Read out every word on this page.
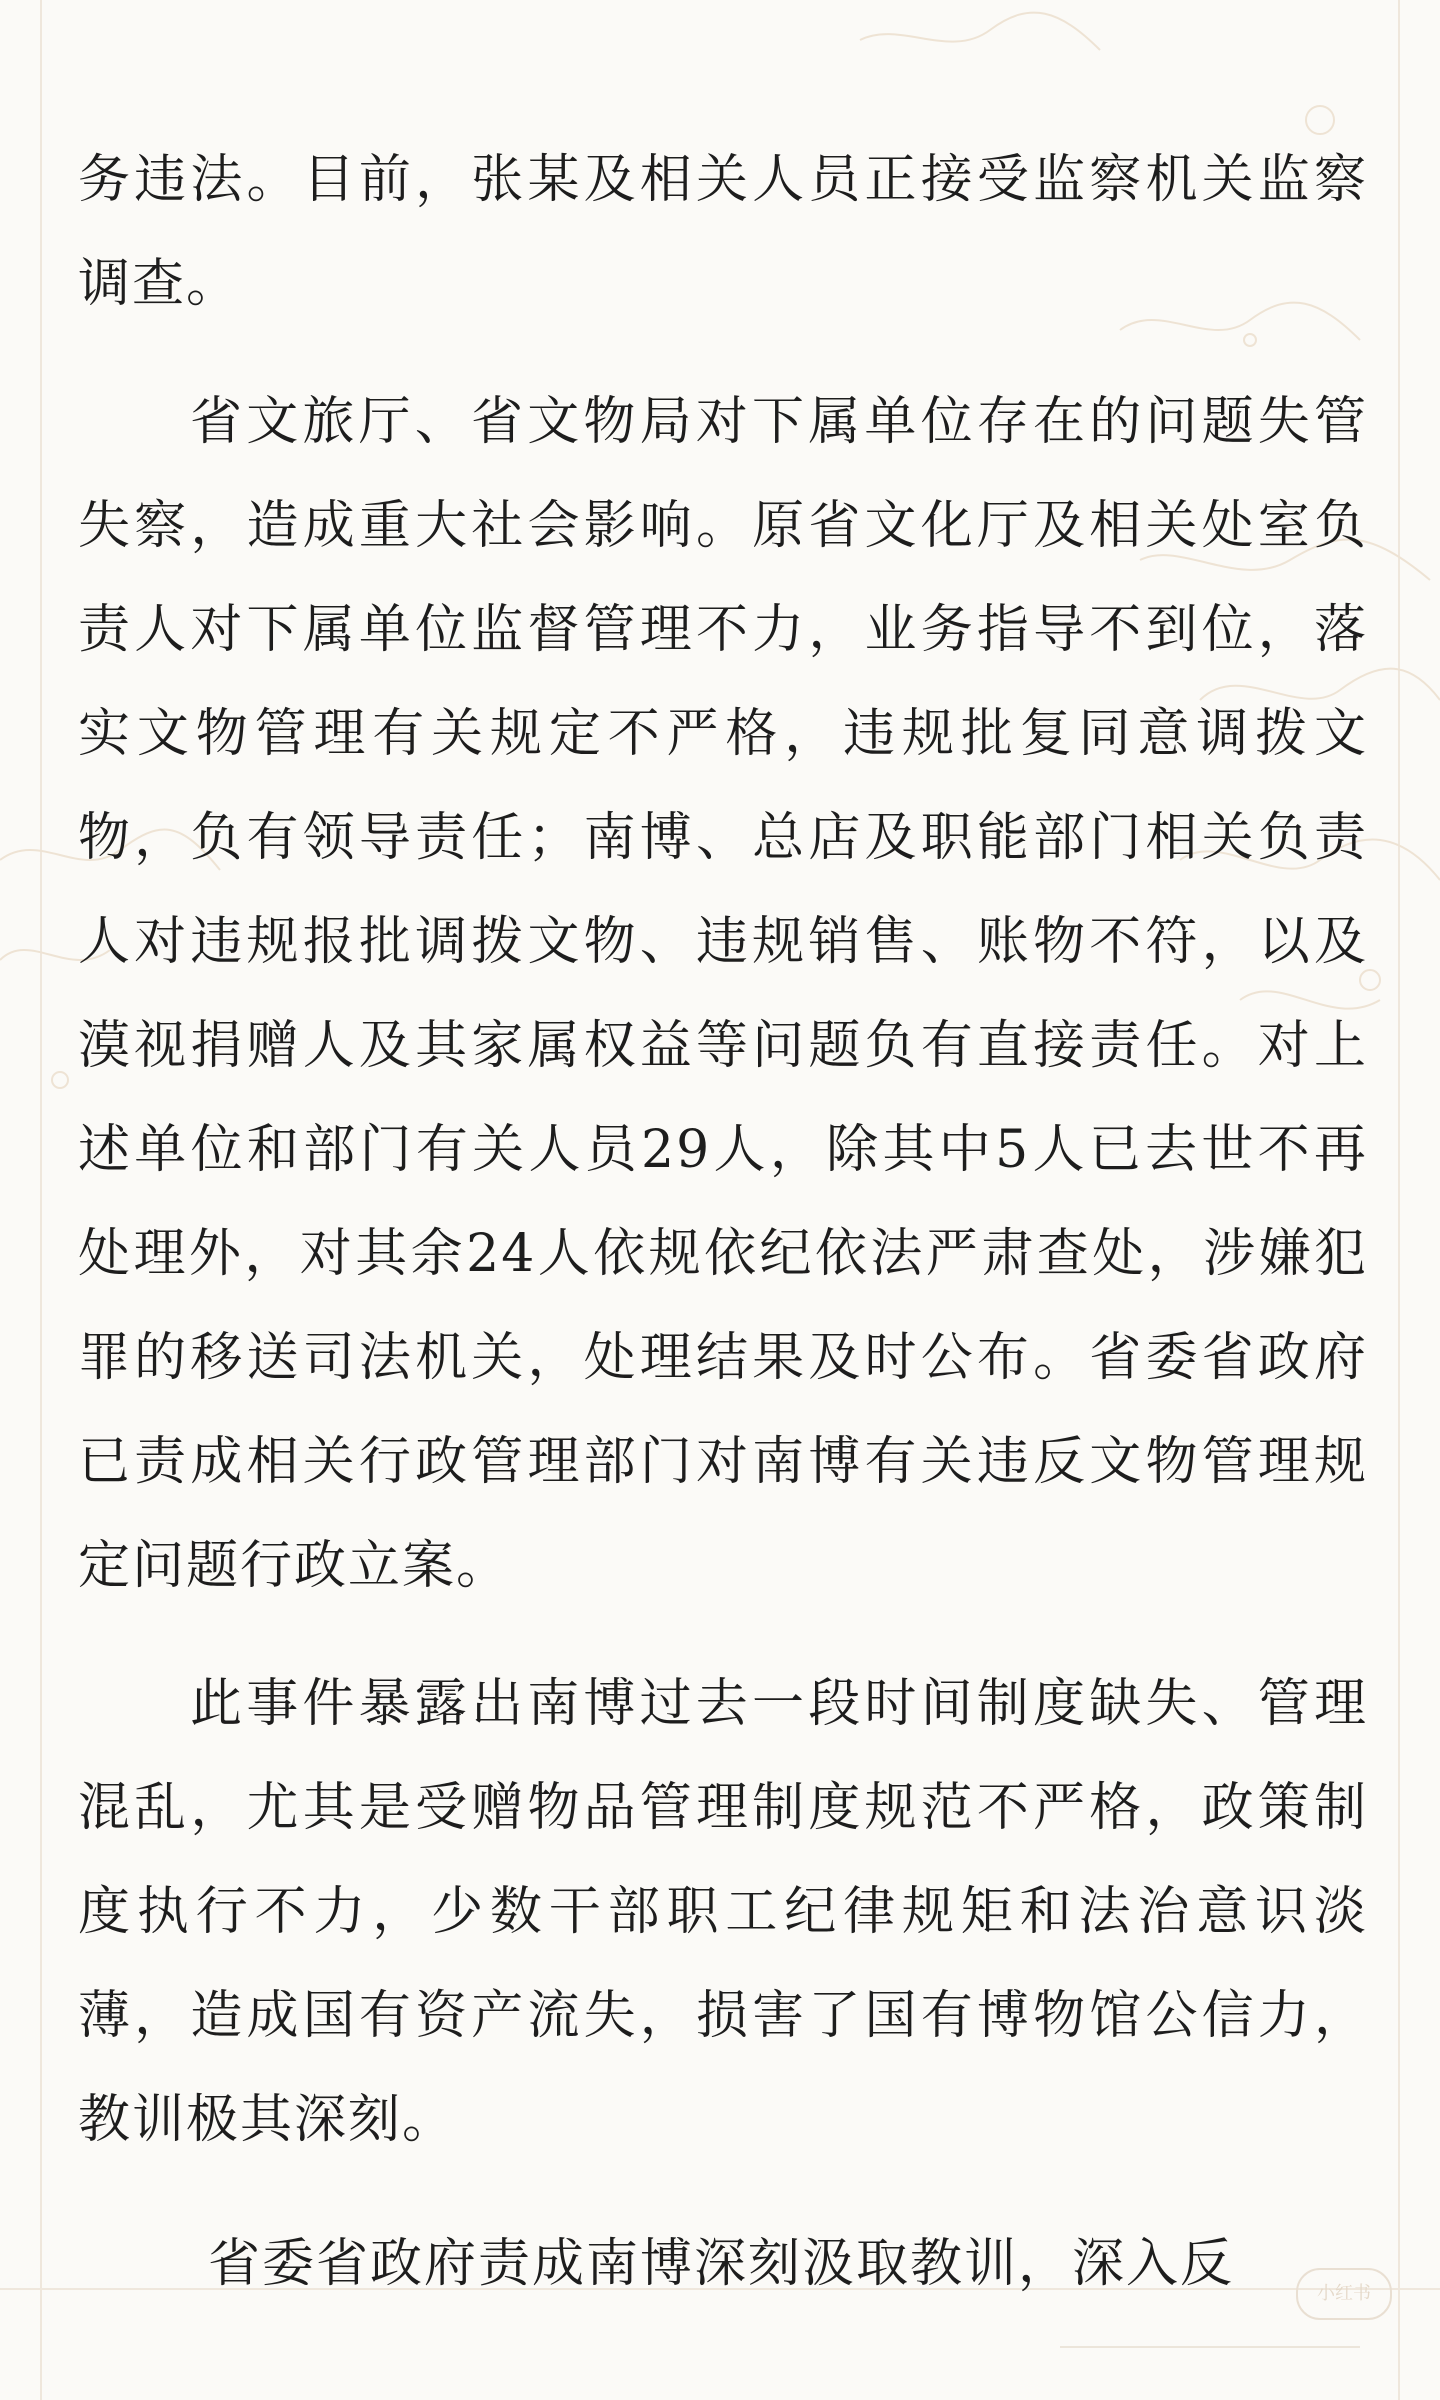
务违法。目前，张某及相关人员正接受监察机关监察调查。

省文旅厅、省文物局对下属单位存在的问题失管失察，造成重大社会影响。原省文化厅及相关处室负责人对下属单位监督管理不力，业务指导不到位，落实文物管理有关规定不严格，违规批复同意调拨文物，负有领导责任；南博、总店及职能部门相关负责人对违规报批调拨文物、违规销售、账物不符，以及漠视捐赠人及其家属权益等问题负有直接责任。对上述单位和部门有关人员29人，除其中5人已去世不再处理外，对其余24人依规依纪依法严肃查处，涉嫌犯罪的移送司法机关，处理结果及时公布。省委省政府已责成相关行政管理部门对南博有关违反文物管理规定问题行政立案。

此事件暴露出南博过去一段时间制度缺失、管理混乱，尤其是受赠物品管理制度规范不严格，政策制度执行不力，少数干部职工纪律规矩和法治意识淡薄，造成国有资产流失，损害了国有博物馆公信力，教训极其深刻。

省委省政府责成南博深刻汲取教训，深入反	小红书
